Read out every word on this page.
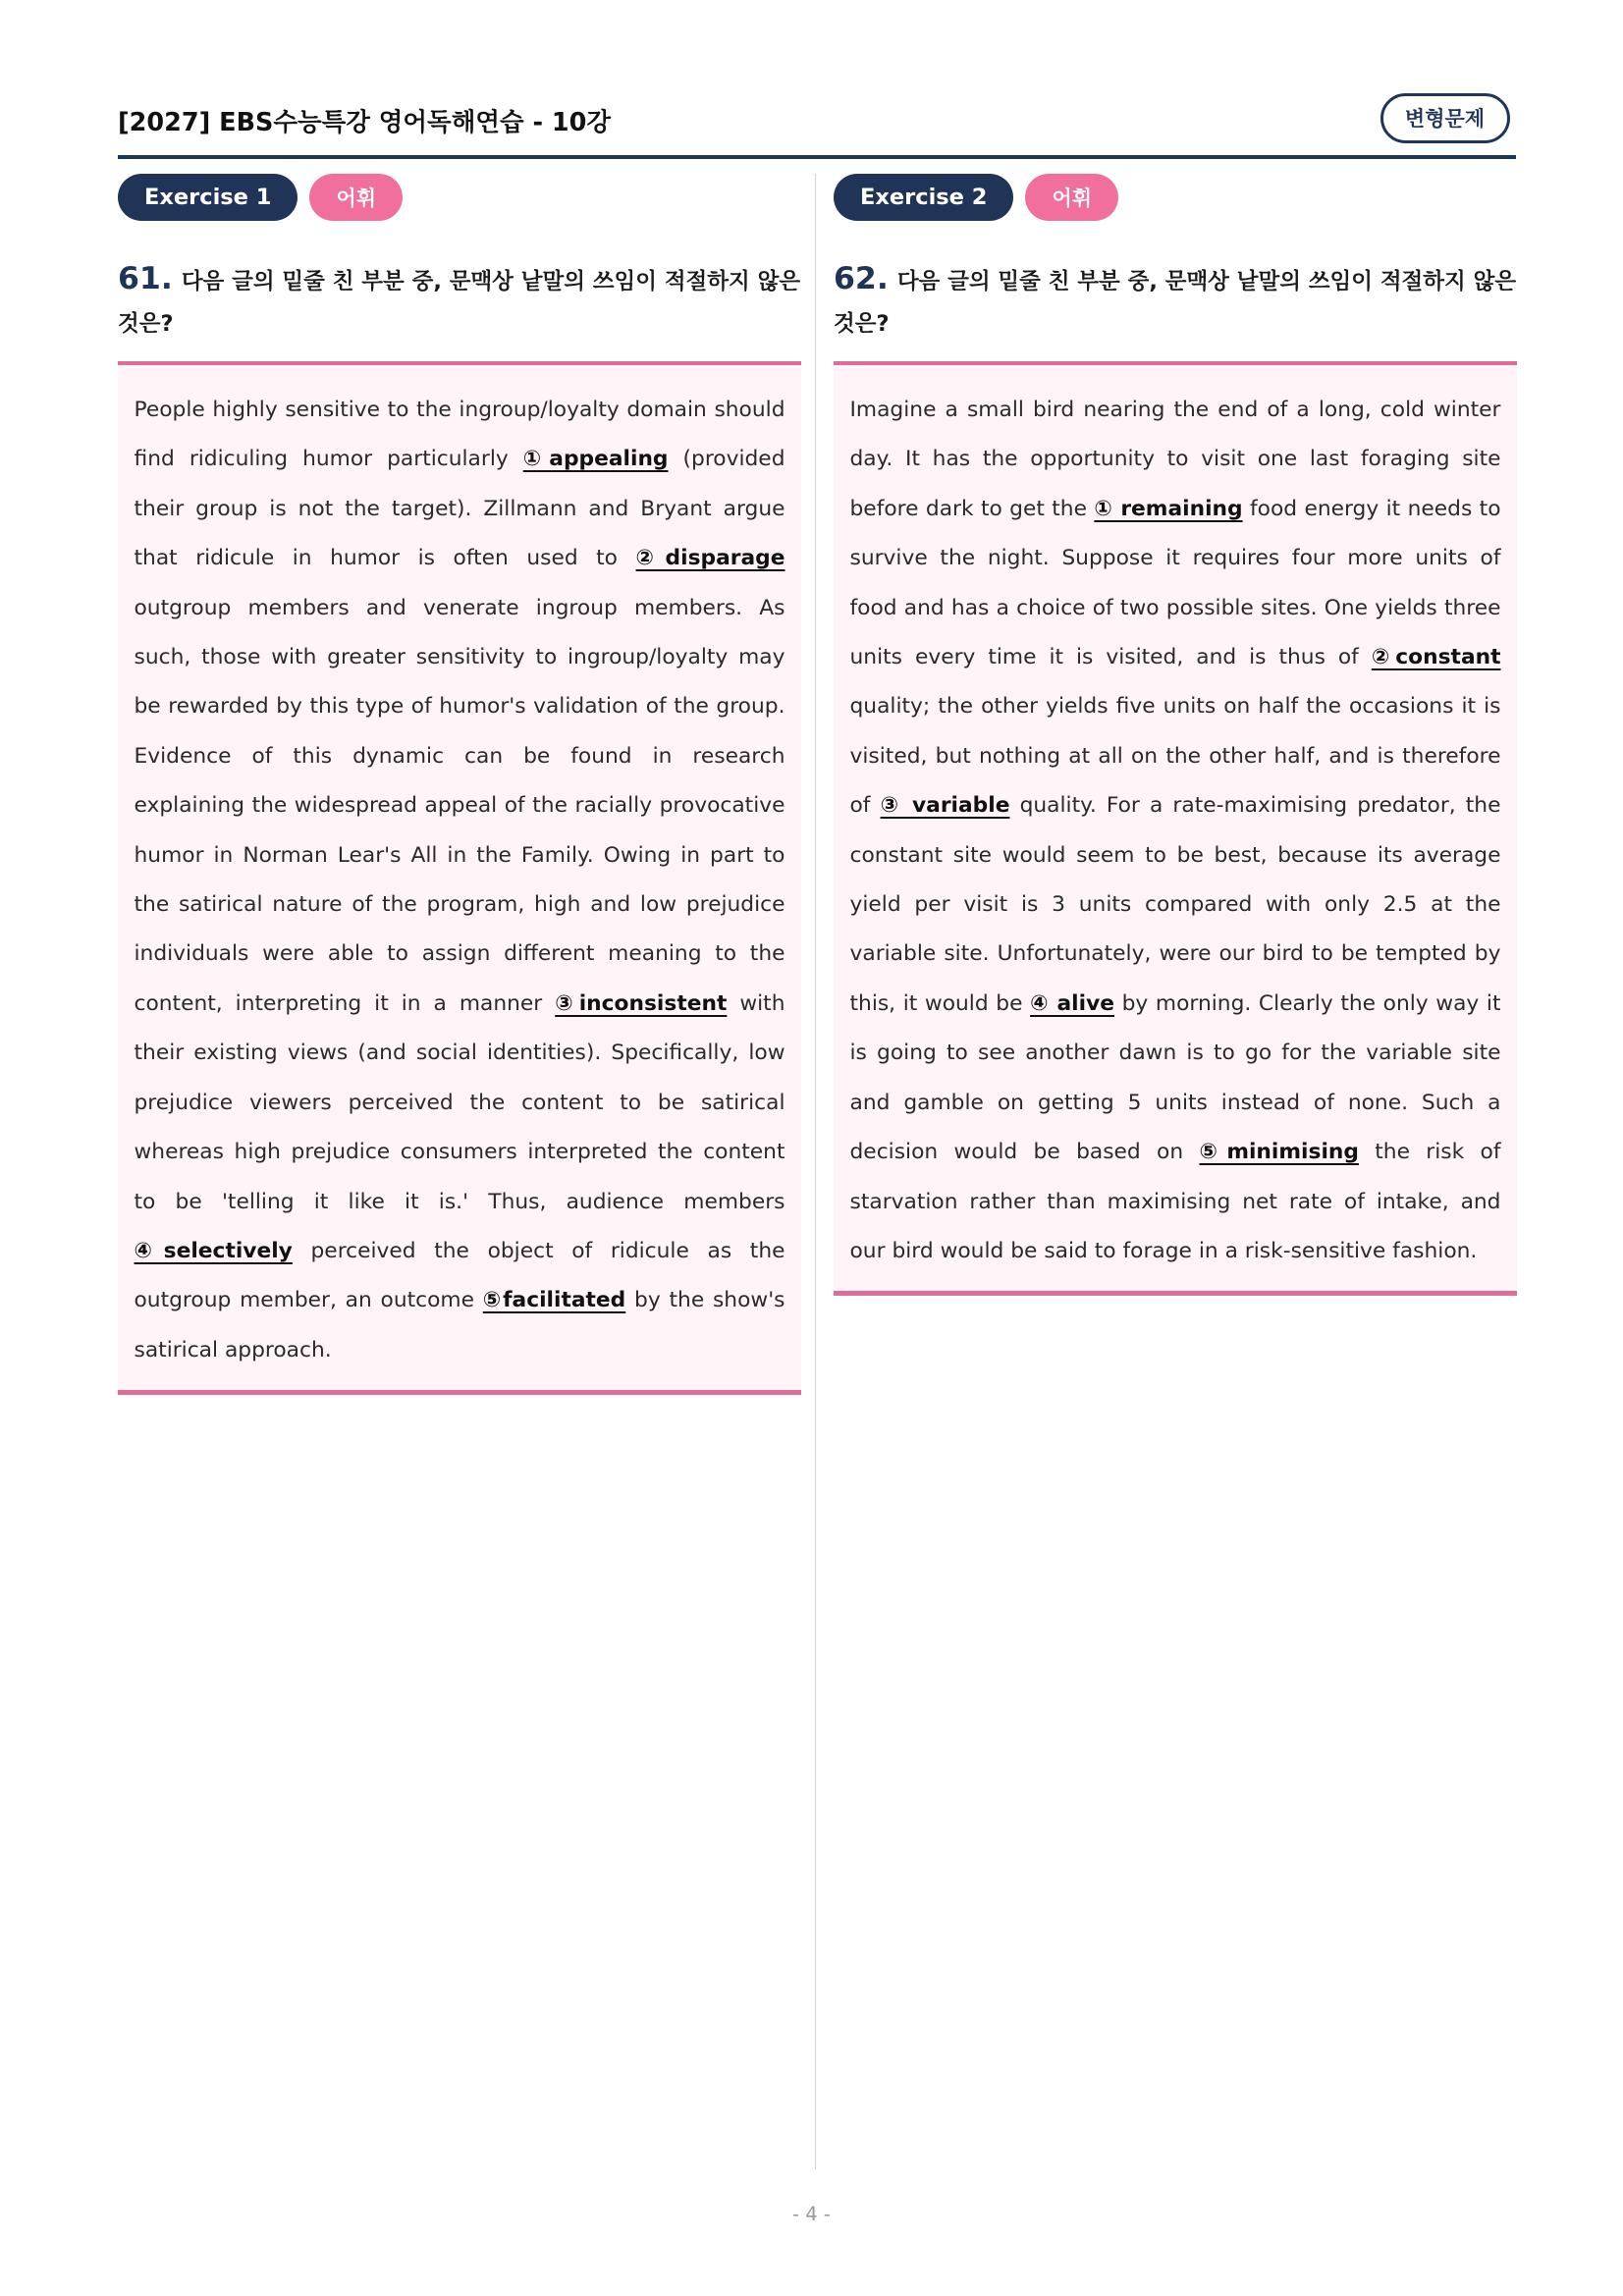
[2027] EBS수능특강 영어독해연습 - 10강	변형문제
Exercise 1	어휘
61. 다음 글의 밑줄 친 부분 중, 문맥상 낱말의 쓰임이 적절하지 않은 것은?
People highly sensitive to the ingroup/loyalty domain should find ridiculing humor particularly ①appealing (provided their group is not the target). Zillmann and Bryant argue that ridicule in humor is often used to ②disparage outgroup members and venerate ingroup members. As such, those with greater sensitivity to ingroup/loyalty may be rewarded by this type of humor's validation of the group. Evidence of this dynamic can be found in research explaining the widespread appeal of the racially provocative humor in Norman Lear's All in the Family. Owing in part to the satirical nature of the program, high and low prejudice individuals were able to assign different meaning to the content, interpreting it in a manner ③inconsistent with their existing views (and social identities). Specifically, low prejudice viewers perceived the content to be satirical whereas high prejudice consumers interpreted the content to be 'telling it like it is.' Thus, audience members ④selectively perceived the object of ridicule as the outgroup member, an outcome ⑤facilitated by the show's satirical approach.
Exercise 2	어휘
62. 다음 글의 밑줄 친 부분 중, 문맥상 낱말의 쓰임이 적절하지 않은 것은?
Imagine a small bird nearing the end of a long, cold winter day. It has the opportunity to visit one last foraging site before dark to get the ① remaining food energy it needs to survive the night. Suppose it requires four more units of food and has a choice of two possible sites. One yields three units every time it is visited, and is thus of ②constant quality; the other yields five units on half the occasions it is visited, but nothing at all on the other half, and is therefore of ③ variable quality. For a rate-maximising predator, the constant site would seem to be best, because its average yield per visit is 3 units compared with only 2.5 at the variable site. Unfortunately, were our bird to be tempted by this, it would be ④ alive by morning. Clearly the only way it is going to see another dawn is to go for the variable site and gamble on getting 5 units instead of none. Such a decision would be based on ⑤minimising the risk of starvation rather than maximising net rate of intake, and our bird would be said to forage in a risk-sensitive fashion.
- 4 -
